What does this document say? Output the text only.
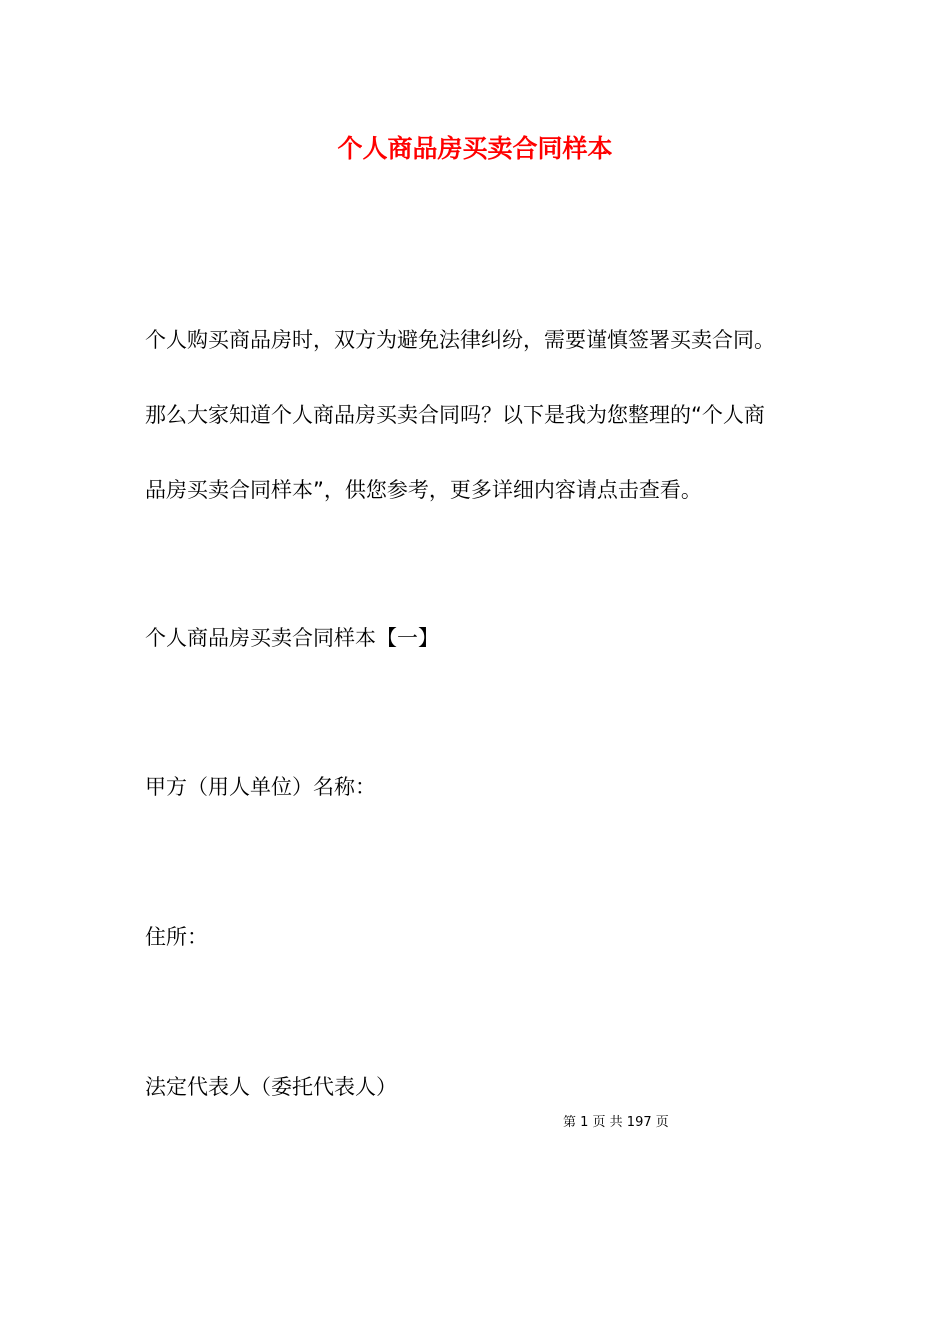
个人商品房买卖合同样本
个人购买商品房时，双方为避免法律纠纷，需要谨慎签署买卖合同。
那么大家知道个人商品房买卖合同吗？以下是我为您整理的“个人商
品房买卖合同样本”，供您参考，更多详细内容请点击查看。
个人商品房买卖合同样本【一】
甲方（用人单位）名称：
住所：
法定代表人（委托代表人）
第 1 页 共 197 页
